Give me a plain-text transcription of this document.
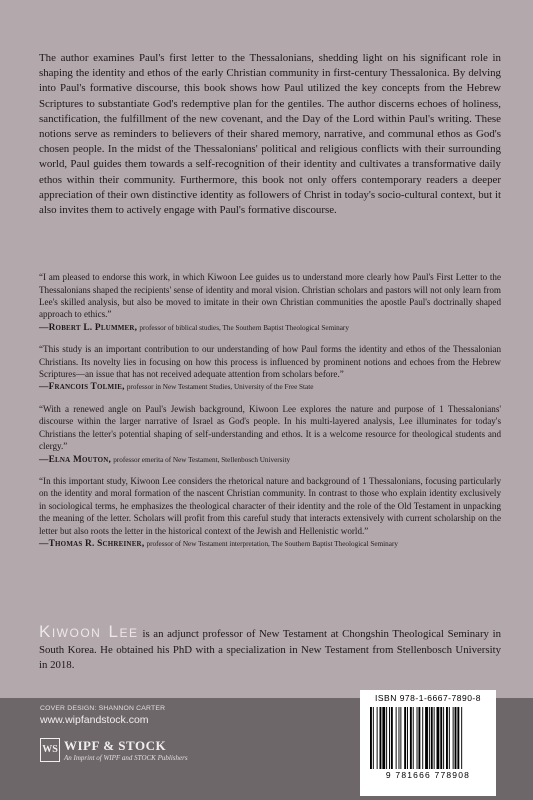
The author examines Paul's first letter to the Thessalonians, shedding light on his significant role in shaping the identity and ethos of the early Christian community in first-century Thessalonica. By delving into Paul's formative discourse, this book shows how Paul utilized the key concepts from the Hebrew Scriptures to substantiate God's redemptive plan for the gentiles. The author discerns echoes of holiness, sanctification, the fulfillment of the new covenant, and the Day of the Lord within Paul's writing. These notions serve as reminders to believers of their shared memory, narrative, and communal ethos as God's chosen people. In the midst of the Thessalonians' political and religious conflicts with their surrounding world, Paul guides them towards a self-recognition of their identity and cultivates a transformative daily ethos within their community. Furthermore, this book not only offers contemporary readers a deeper appreciation of their own distinctive identity as followers of Christ in today's socio-cultural context, but it also invites them to actively engage with Paul's formative discourse.

“I am pleased to endorse this work, in which Kiwoon Lee guides us to understand more clearly how Paul's First Letter to the Thessalonians shaped the recipients' sense of identity and moral vision. Christian scholars and pastors will not only learn from Lee's skilled analysis, but also be moved to imitate in their own Christian communities the apostle Paul's doctrinally shaped approach to ethics.”
—Robert L. Plummer, professor of biblical studies, The Southern Baptist Theological Seminary

“This study is an important contribution to our understanding of how Paul forms the identity and ethos of the Thessalonian Christians. Its novelty lies in focusing on how this process is influenced by prominent notions and echoes from the Hebrew Scriptures—an issue that has not received adequate attention from scholars before.”
—Francois Tolmie, professor in New Testament Studies, University of the Free State

“With a renewed angle on Paul's Jewish background, Kiwoon Lee explores the nature and purpose of 1 Thessalonians' discourse within the larger narrative of Israel as God's people. In his multi-layered analysis, Lee illuminates for today's Christians the letter's potential shaping of self-understanding and ethos. It is a welcome resource for theological students and clergy.”
—Elna Mouton, professor emerita of New Testament, Stellenbosch University

“In this important study, Kiwoon Lee considers the rhetorical nature and background of 1 Thessalonians, focusing particularly on the identity and moral formation of the nascent Christian community. In contrast to those who explain identity exclusively in sociological terms, he emphasizes the theological character of their identity and the role of the Old Testament in unpacking the meaning of the letter. Scholars will profit from this careful study that interacts extensively with current scholarship on the letter but also roots the letter in the historical context of the Jewish and Hellenistic world.”
—Thomas R. Schreiner, professor of New Testament interpretation, The Southern Baptist Theological Seminary

Kiwoon Lee is an adjunct professor of New Testament at Chongshin Theological Seminary in South Korea. He obtained his PhD with a specialization in New Testament from Stellenbosch University in 2018.

COVER DESIGN: SHANNON CARTER
www.wipfandstock.com
WS WIPF & STOCK
An Imprint of WIPF and STOCK Publishers
ISBN 978-1-6667-7890-8
9 781666 778908
